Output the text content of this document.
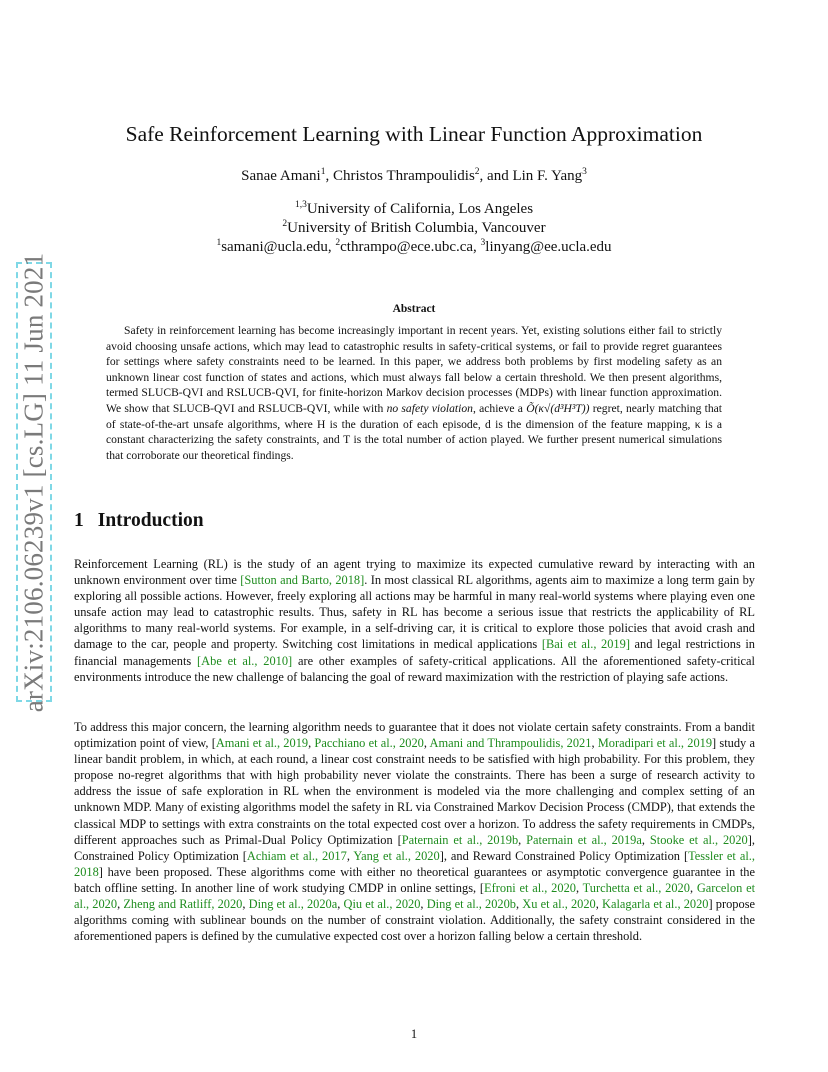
arXiv:2106.06239v1 [cs.LG] 11 Jun 2021
Safe Reinforcement Learning with Linear Function Approximation
Sanae Amani$^1$, Christos Thrampoulidis$^2$, and Lin F. Yang$^3$
$^{1,3}$University of California, Los Angeles
$^2$University of British Columbia, Vancouver
$^1$samani@ucla.edu, $^2$cthrampo@ece.ubc.ca, $^3$linyang@ee.ucla.edu
Abstract

Safety in reinforcement learning has become increasingly important in recent years. Yet, existing solutions either fail to strictly avoid choosing unsafe actions, which may lead to catastrophic results in safety-critical systems, or fail to provide regret guarantees for settings where safety constraints need to be learned. In this paper, we address both problems by first modeling safety as an unknown linear cost function of states and actions, which must always fall below a certain threshold. We then present algorithms, termed SLUCB-QVI and RSLUCB-QVI, for finite-horizon Markov decision processes (MDPs) with linear function approximation. We show that SLUCB-QVI and RSLUCB-QVI, while with no safety violation, achieve a Õ(κ√(d³H³T)) regret, nearly matching that of state-of-the-art unsafe algorithms, where H is the duration of each episode, d is the dimension of the feature mapping, κ is a constant characterizing the safety constraints, and T is the total number of action played. We further present numerical simulations that corroborate our theoretical findings.

1 Introduction

Reinforcement Learning (RL) is the study of an agent trying to maximize its expected cumulative reward by interacting with an unknown environment over time [Sutton and Barto, 2018]. In most classical RL algorithms, agents aim to maximize a long term gain by exploring all possible actions. However, freely exploring all actions may be harmful in many real-world systems where playing even one unsafe action may lead to catastrophic results. Thus, safety in RL has become a serious issue that restricts the applicability of RL algorithms to many real-world systems. For example, in a self-driving car, it is critical to explore those policies that avoid crash and damage to the car, people and property. Switching cost limitations in medical applications [Bai et al., 2019] and legal restrictions in financial managements [Abe et al., 2010] are other examples of safety-critical applications. All the aforementioned safety-critical environments introduce the new challenge of balancing the goal of reward maximization with the restriction of playing safe actions.

To address this major concern, the learning algorithm needs to guarantee that it does not violate certain safety constraints. From a bandit optimization point of view, [Amani et al., 2019, Pacchiano et al., 2020, Amani and Thrampoulidis, 2021, Moradipari et al., 2019] study a linear bandit problem, in which, at each round, a linear cost constraint needs to be satisfied with high probability. For this problem, they propose no-regret algorithms that with high probability never violate the constraints. There has been a surge of research activity to address the issue of safe exploration in RL when the environment is modeled via the more challenging and complex setting of an unknown MDP. Many of existing algorithms model the safety in RL via Constrained Markov Decision Process (CMDP), that extends the classical MDP to settings with extra constraints on the total expected cost over a horizon. To address the safety requirements in CMDPs, different approaches such as Primal-Dual Policy Optimization [Paternain et al., 2019b, Paternain et al., 2019a, Stooke et al., 2020], Constrained Policy Optimization [Achiam et al., 2017, Yang et al., 2020], and Reward Constrained Policy Optimization [Tessler et al., 2018] have been proposed. These algorithms come with either no theoretical guarantees or asymptotic convergence guarantee in the batch offline setting. In another line of work studying CMDP in online settings, [Efroni et al., 2020, Turchetta et al., 2020, Garcelon et al., 2020, Zheng and Ratliff, 2020, Ding et al., 2020a, Qiu et al., 2020, Ding et al., 2020b, Xu et al., 2020, Kalagarla et al., 2020] propose algorithms coming with sublinear bounds on the number of constraint violation. Additionally, the safety constraint considered in the aforementioned papers is defined by the cumulative expected cost over a horizon falling below a certain threshold.

1
